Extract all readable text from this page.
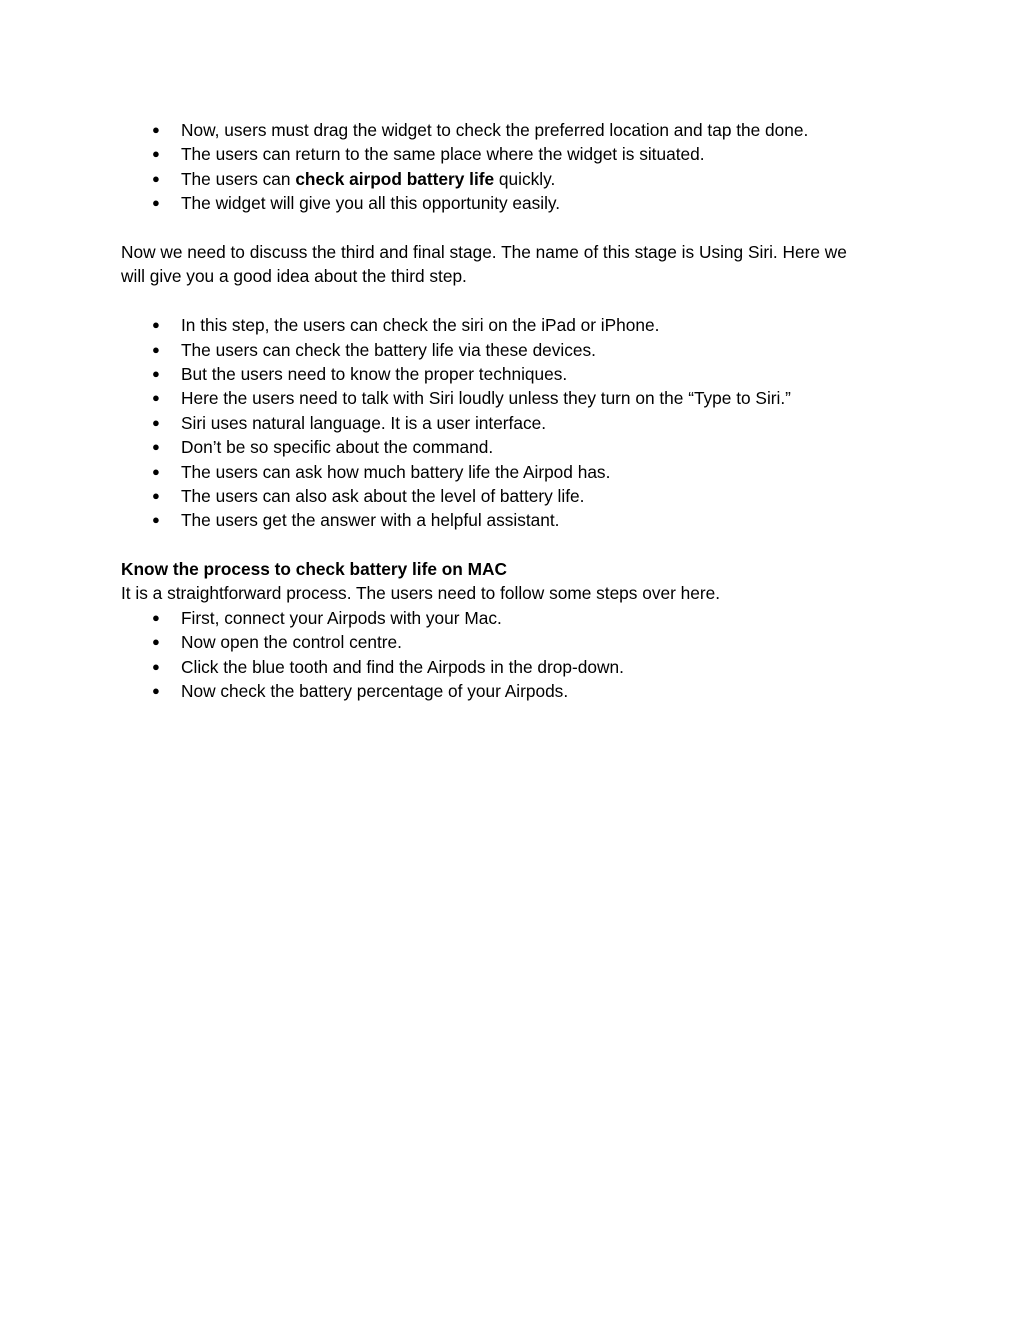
● Now, users must drag the widget to check the preferred location and tap the done.
● The users can return to the same place where the widget is situated.
● The users can check airpod battery life quickly.
● The widget will give you all this opportunity easily.

Now we need to discuss the third and final stage. The name of this stage is Using Siri. Here we
will give you a good idea about the third step.

● In this step, the users can check the siri on the iPad or iPhone.
● The users can check the battery life via these devices.
● But the users need to know the proper techniques.
● Here the users need to talk with Siri loudly unless they turn on the “Type to Siri.”
● Siri uses natural language. It is a user interface.
● Don’t be so specific about the command.
● The users can ask how much battery life the Airpod has.
● The users can also ask about the level of battery life.
● The users get the answer with a helpful assistant.
Know the process to check battery life on MAC

It is a straightforward process. The users need to follow some steps over here.

● First, connect your Airpods with your Mac.
● Now open the control centre.
● Click the blue tooth and find the Airpods in the drop-down.
● Now check the battery percentage of your Airpods.
